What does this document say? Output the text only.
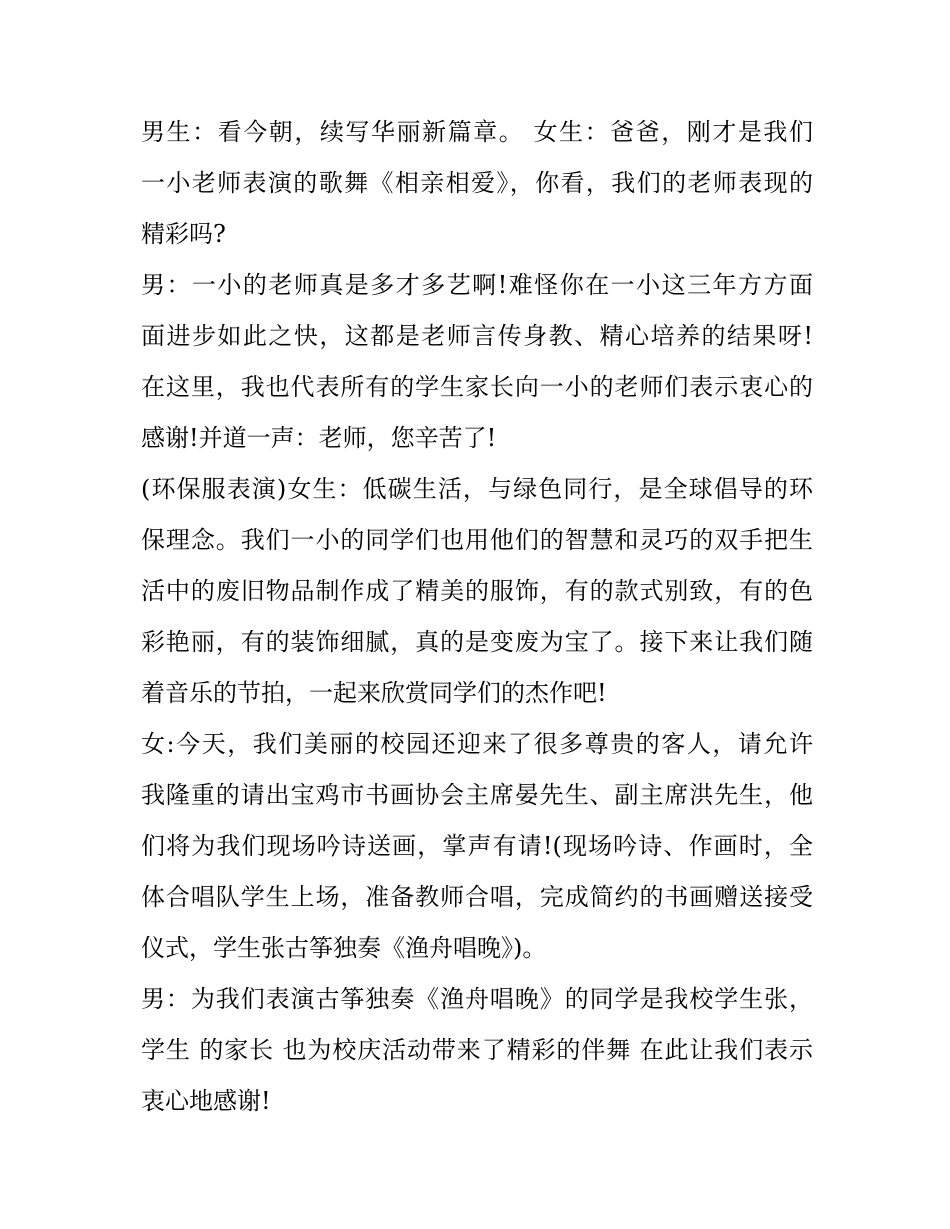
男生：看今朝，续写华丽新篇章。 女生：爸爸，刚才是我们
一小老师表演的歌舞《相亲相爱》，你看，我们的老师表现的
精彩吗?
男：一小的老师真是多才多艺啊!难怪你在一小这三年方方面
面进步如此之快，这都是老师言传身教、精心培养的结果呀!
在这里，我也代表所有的学生家长向一小的老师们表示衷心的
感谢!并道一声：老师，您辛苦了!
(环保服表演)女生：低碳生活，与绿色同行，是全球倡导的环
保理念。我们一小的同学们也用他们的智慧和灵巧的双手把生
活中的废旧物品制作成了精美的服饰，有的款式别致，有的色
彩艳丽，有的装饰细腻，真的是变废为宝了。接下来让我们随
着音乐的节拍，一起来欣赏同学们的杰作吧!
女:今天，我们美丽的校园还迎来了很多尊贵的客人，请允许
我隆重的请出宝鸡市书画协会主席晏先生、副主席洪先生，他
们将为我们现场吟诗送画，掌声有请!(现场吟诗、作画时，全
体合唱队学生上场，准备教师合唱，完成简约的书画赠送接受
仪式，学生张古筝独奏《渔舟唱晚》)。
男：为我们表演古筝独奏《渔舟唱晚》的同学是我校学生张，
学生 的家长 也为校庆活动带来了精彩的伴舞 在此让我们表示
衷心地感谢!
